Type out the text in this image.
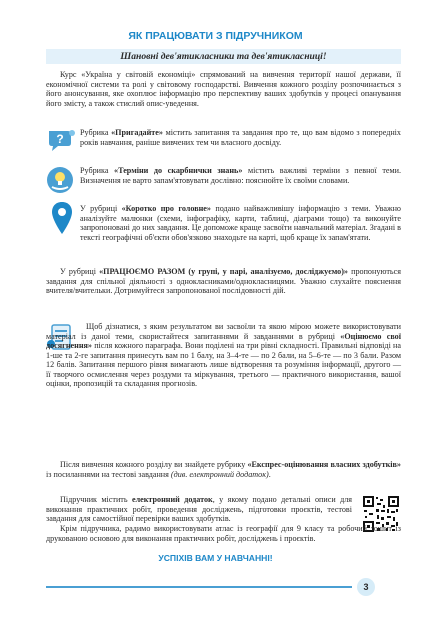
ЯК ПРАЦЮВАТИ З ПІДРУЧНИКОМ
Шановні дев'ятикласники та дев'ятикласниці!

Курс «Україна у світовій економіці» спрямований на вивчення території нашої держави, її економічної системи та ролі у світовому господарстві. Вивчення кожного розділу розпочинається з його анонсування, яке охоплює інформацію про перспективу ваших здобутків у процесі опанування його змісту, а також стислий опис-уведення.

? Рубрика «Пригадайте» містить запитання та завдання про те, що вам відомо з попередніх років навчання, раніше вивчених тем чи власного досвіду.

Рубрика «Терміни до скарбнички знань» містить важливі терміни з певної теми. Визначення не варто запам'ятовувати дослівно: пояснюйте їх своїми словами.

У рубриці «Коротко про головне» подано найважливішу інформацію з теми. Уважно аналізуйте малюнки (схеми, інфографіку, карти, таблиці, діаграми тощо) та виконуйте запропоновані до них завдання. Це допоможе краще засвоїти навчальний матеріал. Згадані в тексті географічні об'єкти обов'язково знаходьте на карті, щоб краще їх запам'ятати.

У рубриці «ПРАЦЮЄМО РАЗОМ (у групі, у парі, аналізуємо, досліджуємо)» пропонуються завдання для спільної діяльності з однокласниками/однокласницями. Уважно слухайте пояснення вчителя/вчительки. Дотримуйтеся запропонованої послідовності дій.

Щоб дізнатися, з яким результатом ви засвоїли та якою мірою можете використовувати матеріал із даної теми, скористайтеся запитаннями й завданнями в рубриці «Оцінюємо свої досягнення» після кожного параграфа. Вони поділені на три рівні складності. Правильні відповіді на 1-ше та 2-ге запитання принесуть вам по 1 балу, на 3–4-те — по 2 бали, на 5–6-те — по 3 бали. Разом 12 балів. Запитання першого рівня вимагають лише відтворення та розуміння інформації, другого — її творчого осмислення через роздуми та міркування, третього — практичного використання, вашої оцінки, пропозицій та складання прогнозів.

Після вивчення кожного розділу ви знайдете рубрику «Експрес-оцінювання власних здобутків» із посиланнями на тестові завдання (див. електронний додаток).

Підручник містить електронний додаток, у якому подано детальні описи для виконання практичних робіт, проведення досліджень, підготовки проєктів, тестові завдання для самостійної перевірки ваших здобутків.

Крім підручника, радимо використовувати атлас із географії для 9 класу та робочий зошит із друкованою основою для виконання практичних робіт, досліджень і проєктів.

УСПІХІВ ВАМ У НАВЧАННІ!
3
